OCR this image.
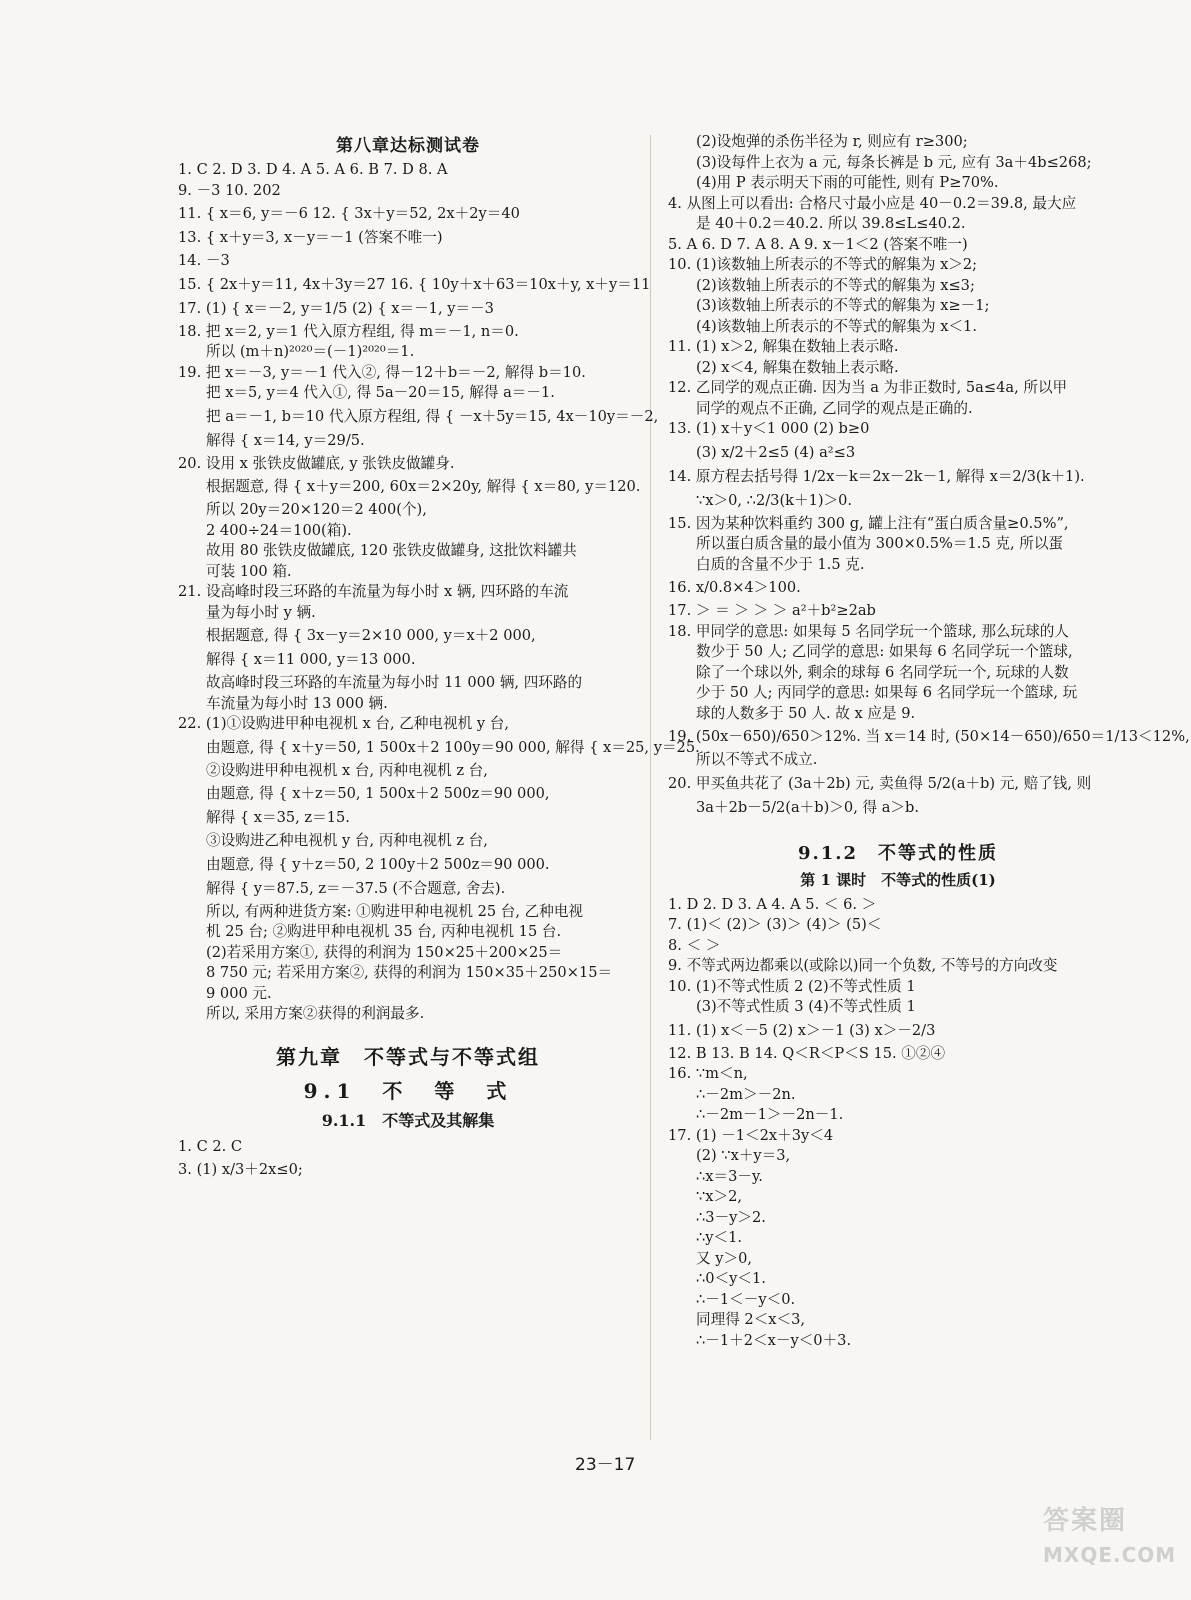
第八章达标测试卷
1. C 2. D 3. D 4. A 5. A 6. B 7. D 8. A
9. －3 10. 202
11. { x＝6, y＝－6 12. { 3x＋y＝52, 2x＋2y＝40
13. { x＋y＝3, x－y＝－1 (答案不唯一)
14. －3
15. { 2x＋y＝11, 4x＋3y＝27 16. { 10y＋x＋63＝10x＋y, x＋y＝11
17. (1) { x＝－2, y＝1/5 (2) { x＝－1, y＝－3
18. 把 x＝2, y＝1 代入原方程组, 得 m＝－1, n＝0.
所以 (m＋n)²⁰²⁰＝(－1)²⁰²⁰＝1.
19. 把 x＝－3, y＝－1 代入②, 得－12＋b＝－2, 解得 b＝10.
把 x＝5, y＝4 代入①, 得 5a－20＝15, 解得 a＝－1.
把 a＝－1, b＝10 代入原方程组, 得 { －x＋5y＝15, 4x－10y＝－2,
解得 { x＝14, y＝29/5.
20. 设用 x 张铁皮做罐底, y 张铁皮做罐身.
根据题意, 得 { x＋y＝200, 60x＝2×20y, 解得 { x＝80, y＝120.
所以 20y＝20×120＝2 400(个),
2 400÷24＝100(箱).
故用 80 张铁皮做罐底, 120 张铁皮做罐身, 这批饮料罐共
可装 100 箱.
21. 设高峰时段三环路的车流量为每小时 x 辆, 四环路的车流
量为每小时 y 辆.
根据题意, 得 { 3x－y＝2×10 000, y＝x＋2 000,
解得 { x＝11 000, y＝13 000.
故高峰时段三环路的车流量为每小时 11 000 辆, 四环路的
车流量为每小时 13 000 辆.
22. (1)①设购进甲种电视机 x 台, 乙种电视机 y 台,
由题意, 得 { x＋y＝50, 1 500x＋2 100y＝90 000, 解得 { x＝25, y＝25.
②设购进甲种电视机 x 台, 丙种电视机 z 台,
由题意, 得 { x＋z＝50, 1 500x＋2 500z＝90 000,
解得 { x＝35, z＝15.
③设购进乙种电视机 y 台, 丙种电视机 z 台,
由题意, 得 { y＋z＝50, 2 100y＋2 500z＝90 000.
解得 { y＝87.5, z＝－37.5 (不合题意, 舍去).
所以, 有两种进货方案: ①购进甲种电视机 25 台, 乙种电视
机 25 台; ②购进甲种电视机 35 台, 丙种电视机 15 台.
(2)若采用方案①, 获得的利润为 150×25＋200×25＝
8 750 元; 若采用方案②, 获得的利润为 150×35＋250×15＝
9 000 元.
所以, 采用方案②获得的利润最多.
第九章　不等式与不等式组
9.1　不　等　式
9.1.1　不等式及其解集
1. C 2. C
3. (1) x/3＋2x≤0;
(2)设炮弹的杀伤半径为 r, 则应有 r≥300;
(3)设每件上衣为 a 元, 每条长裤是 b 元, 应有 3a＋4b≤268;
(4)用 P 表示明天下雨的可能性, 则有 P≥70%.
4. 从图上可以看出: 合格尺寸最小应是 40－0.2＝39.8, 最大应
是 40＋0.2＝40.2. 所以 39.8≤L≤40.2.
5. A 6. D 7. A 8. A 9. x－1＜2 (答案不唯一)
10. (1)该数轴上所表示的不等式的解集为 x＞2;
(2)该数轴上所表示的不等式的解集为 x≤3;
(3)该数轴上所表示的不等式的解集为 x≥－1;
(4)该数轴上所表示的不等式的解集为 x＜1.
11. (1) x＞2, 解集在数轴上表示略.
(2) x＜4, 解集在数轴上表示略.
12. 乙同学的观点正确. 因为当 a 为非正数时, 5a≤4a, 所以甲
同学的观点不正确, 乙同学的观点是正确的.
13. (1) x＋y＜1 000 (2) b≥0
(3) x/2＋2≤5 (4) a²≤3
14. 原方程去括号得 1/2x－k＝2x－2k－1, 解得 x＝2/3(k＋1).
∵x＞0, ∴2/3(k＋1)＞0.
15. 因为某种饮料重约 300 g, 罐上注有“蛋白质含量≥0.5%”,
所以蛋白质含量的最小值为 300×0.5%＝1.5 克, 所以蛋
白质的含量不少于 1.5 克.
16. x/0.8×4＞100.
17. ＞ ＝ ＞ ＞ ＞ a²＋b²≥2ab
18. 甲同学的意思: 如果每 5 名同学玩一个篮球, 那么玩球的人
数少于 50 人; 乙同学的意思: 如果每 6 名同学玩一个篮球,
除了一个球以外, 剩余的球每 6 名同学玩一个, 玩球的人数
少于 50 人; 丙同学的意思: 如果每 6 名同学玩一个篮球, 玩
球的人数多于 50 人. 故 x 应是 9.
19. (50x－650)/650＞12%. 当 x＝14 时, (50×14－650)/650＝1/13＜12%,
所以不等式不成立.
20. 甲买鱼共花了 (3a＋2b) 元, 卖鱼得 5/2(a＋b) 元, 赔了钱, 则
3a＋2b－5/2(a＋b)＞0, 得 a＞b.
9.1.2　不等式的性质
第 1 课时　不等式的性质(1)
1. D 2. D 3. A 4. A 5. ＜ 6. ＞
7. (1)＜ (2)＞ (3)＞ (4)＞ (5)＜
8. ＜ ＞
9. 不等式两边都乘以(或除以)同一个负数, 不等号的方向改变
10. (1)不等式性质 2 (2)不等式性质 1
(3)不等式性质 3 (4)不等式性质 1
11. (1) x＜－5 (2) x＞－1 (3) x＞－2/3
12. B 13. B 14. Q＜R＜P＜S 15. ①②④
16. ∵m＜n,
∴－2m＞－2n.
∴－2m－1＞－2n－1.
17. (1) －1＜2x＋3y＜4
(2) ∵x＋y＝3,
∴x＝3－y.
∵x＞2,
∴3－y＞2.
∴y＜1.
又 y＞0,
∴0＜y＜1.
∴－1＜－y＜0.
同理得 2＜x＜3,
∴－1＋2＜x－y＜0＋3.
23－17
答案圈
MXQE.COM
